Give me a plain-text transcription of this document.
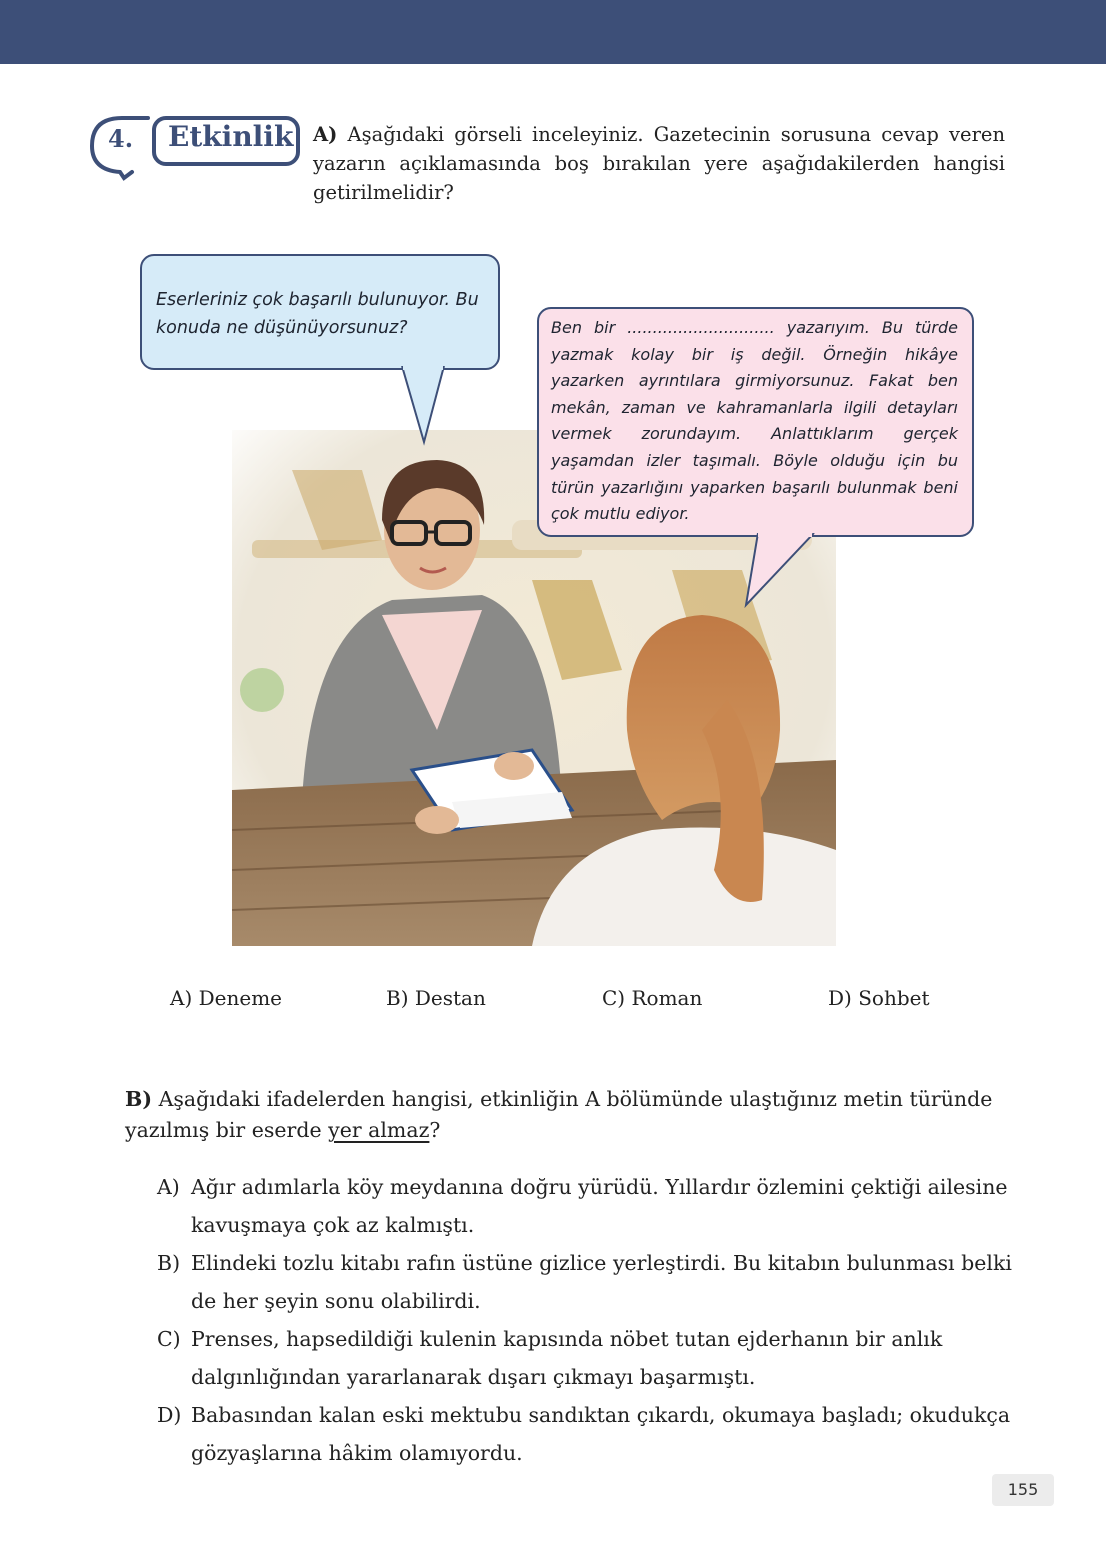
4. Etkinlik A) Aşağıdaki görseli inceleyiniz. Gazetecinin sorusuna cevap veren yazarın açıklamasında boş bırakılan yere aşağıdakilerden hangisi getirilmelidir?

Eserleriniz çok başarılı bulunuyor. Bu konuda ne düşünüyorsunuz?	Ben bir ............................. yazarıyım. Bu türde yazmak kolay bir iş değil. Örneğin hikâye yazarken ayrıntılara girmiyorsunuz. Fakat ben mekân, zaman ve kahramanlarla ilgili detayları vermek zorundayım. Anlattıklarım gerçek yaşamdan izler taşımalı. Böyle olduğu için bu türün yazarlığını yaparken başarılı bulunmak beni çok mutlu ediyor.
A) Deneme	B) Destan	C) Roman	D) Sohbet

B) Aşağıdaki ifadelerden hangisi, etkinliğin A bölümünde ulaştığınız metin türünde yazılmış bir eserde yer almaz?

A) Ağır adımlarla köy meydanına doğru yürüdü. Yıllardır özlemini çektiği ailesine kavuşmaya çok az kalmıştı.
B) Elindeki tozlu kitabı rafın üstüne gizlice yerleştirdi. Bu kitabın bulunması belki de her şeyin sonu olabilirdi.
C) Prenses, hapsedildiği kulenin kapısında nöbet tutan ejderhanın bir anlık dalgınlığından yararlanarak dışarı çıkmayı başarmıştı.
D) Babasından kalan eski mektubu sandıktan çıkardı, okumaya başladı; okudukça gözyaşlarına hâkim olamıyordu.
155
